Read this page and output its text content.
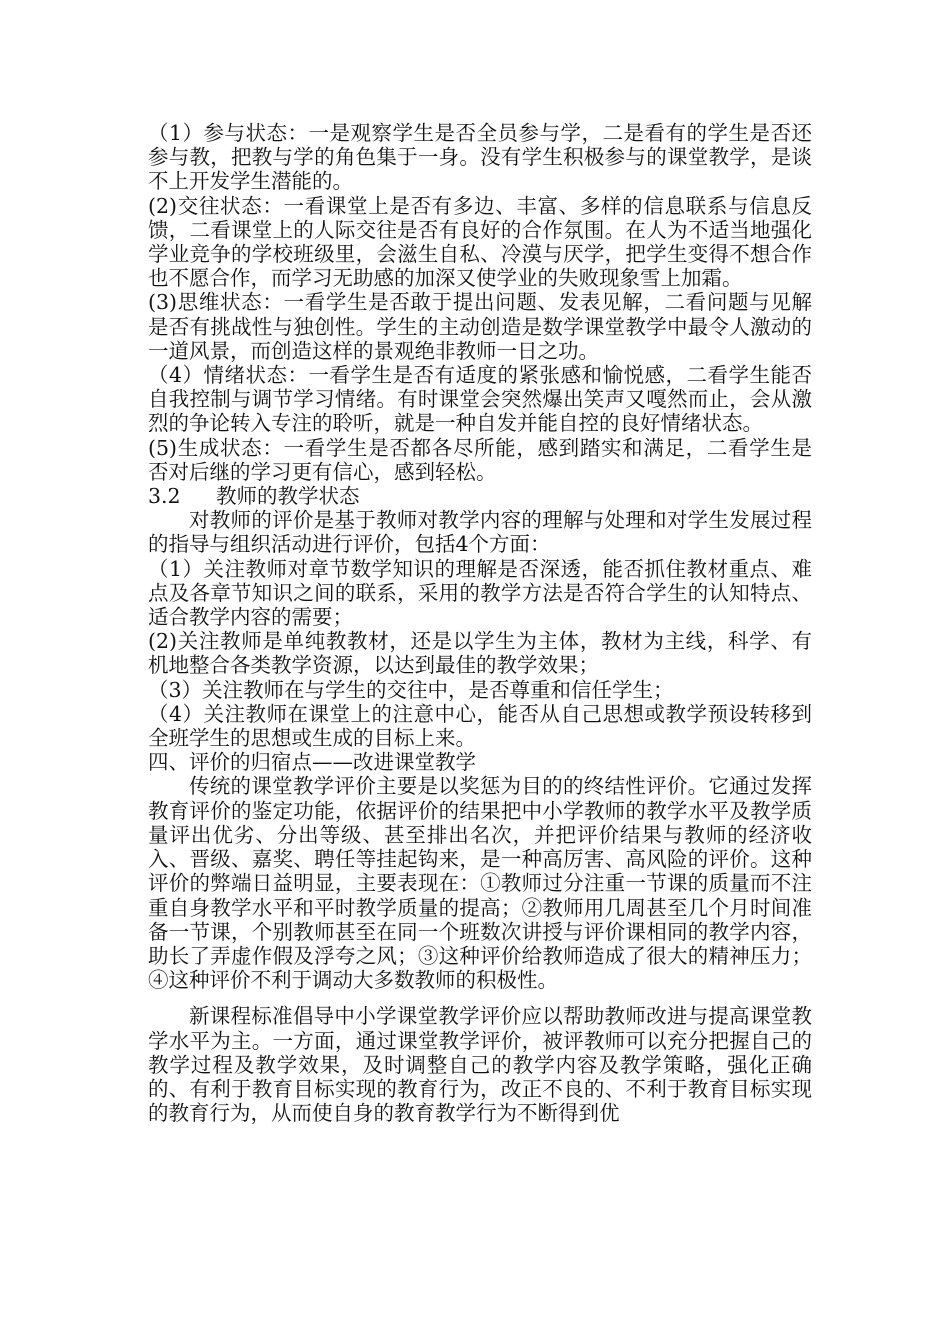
（1）参与状态：一是观察学生是否全员参与学，二是看有的学生是否还参与教，把教与学的角色集于一身。没有学生积极参与的课堂教学，是谈不上开发学生潜能的。

(2)交往状态：一看课堂上是否有多边、丰富、多样的信息联系与信息反馈，二看课堂上的人际交往是否有良好的合作氛围。在人为不适当地强化学业竞争的学校班级里，会滋生自私、冷漠与厌学，把学生变得不想合作也不愿合作，而学习无助感的加深又使学业的失败现象雪上加霜。

(3)思维状态：一看学生是否敢于提出问题、发表见解，二看问题与见解是否有挑战性与独创性。学生的主动创造是数学课堂教学中最令人激动的一道风景，而创造这样的景观绝非教师一日之功。

（4）情绪状态：一看学生是否有适度的紧张感和愉悦感，二看学生能否自我控制与调节学习情绪。有时课堂会突然爆出笑声又嘎然而止，会从激烈的争论转入专注的聆听，就是一种自发并能自控的良好情绪状态。

(5)生成状态：一看学生是否都各尽所能，感到踏实和满足，二看学生是否对后继的学习更有信心，感到轻松。

3.2 教师的教学状态

对教师的评价是基于教师对教学内容的理解与处理和对学生发展过程的指导与组织活动进行评价，包括4个方面：

（1）关注教师对章节数学知识的理解是否深透，能否抓住教材重点、难点及各章节知识之间的联系，采用的教学方法是否符合学生的认知特点、适合教学内容的需要；

(2)关注教师是单纯教教材，还是以学生为主体，教材为主线，科学、有机地整合各类教学资源，以达到最佳的教学效果；

（3）关注教师在与学生的交往中，是否尊重和信任学生；

（4）关注教师在课堂上的注意中心，能否从自己思想或教学预设转移到全班学生的思想或生成的目标上来。

四、评价的归宿点——改进课堂教学

传统的课堂教学评价主要是以奖惩为目的的终结性评价。它通过发挥教育评价的鉴定功能，依据评价的结果把中小学教师的教学水平及教学质量评出优劣、分出等级、甚至排出名次，并把评价结果与教师的经济收入、晋级、嘉奖、聘任等挂起钩来，是一种高厉害、高风险的评价。这种评价的弊端日益明显，主要表现在：①教师过分注重一节课的质量而不注重自身教学水平和平时教学质量的提高；②教师用几周甚至几个月时间准备一节课，个别教师甚至在同一个班数次讲授与评价课相同的教学内容，助长了弄虚作假及浮夸之风；③这种评价给教师造成了很大的精神压力；④这种评价不利于调动大多数教师的积极性。

新课程标准倡导中小学课堂教学评价应以帮助教师改进与提高课堂教学水平为主。一方面，通过课堂教学评价，被评教师可以充分把握自己的教学过程及教学效果，及时调整自己的教学内容及教学策略，强化正确的、有利于教育目标实现的教育行为，改正不良的、不利于教育目标实现的教育行为，从而使自身的教育教学行为不断得到优
